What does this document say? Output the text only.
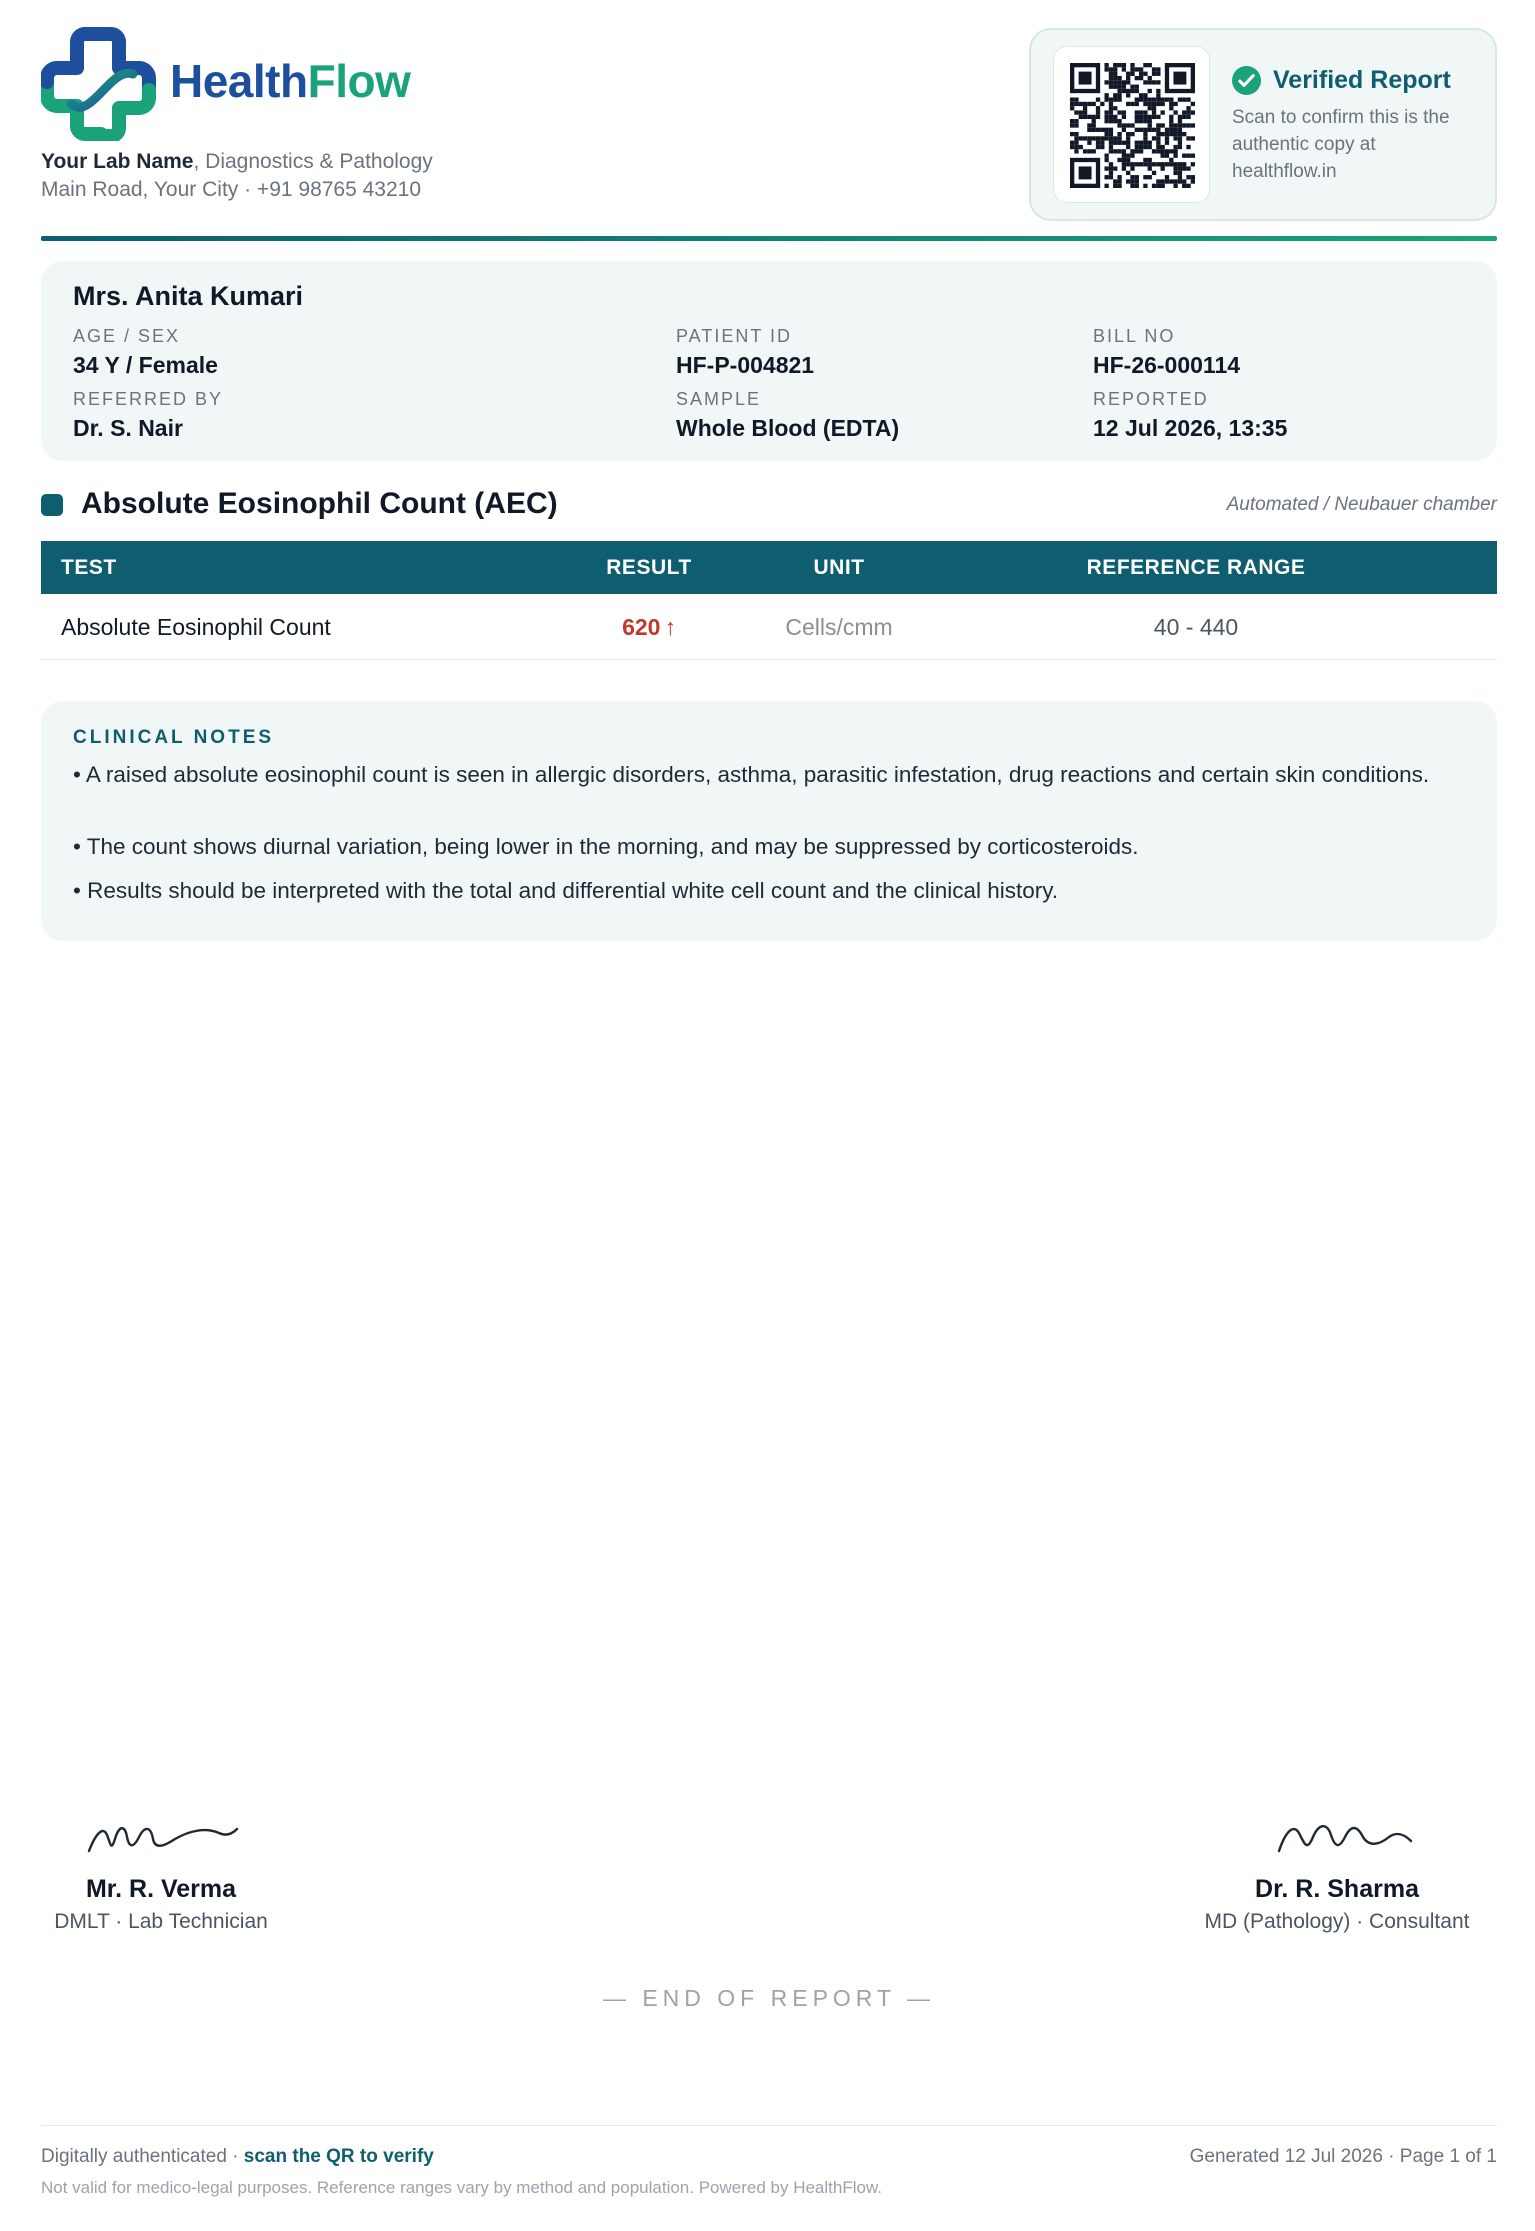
HealthFlow
Your Lab Name, Diagnostics & Pathology
Main Road, Your City · +91 98765 43210
Verified Report
Scan to confirm this is the authentic copy at healthflow.in
Mrs. Anita Kumari
AGE / SEX
34 Y / Female
PATIENT ID
HF-P-004821
BILL NO
HF-26-000114
REFERRED BY
Dr. S. Nair
SAMPLE
Whole Blood (EDTA)
REPORTED
12 Jul 2026, 13:35
Absolute Eosinophil Count (AEC)	Automated / Neubauer chamber
TEST	RESULT	UNIT	REFERENCE RANGE
Absolute Eosinophil Count	620 ↑	Cells/cmm	40 - 440
CLINICAL NOTES
• A raised absolute eosinophil count is seen in allergic disorders, asthma, parasitic infestation, drug reactions and certain skin conditions.
• The count shows diurnal variation, being lower in the morning, and may be suppressed by corticosteroids.
• Results should be interpreted with the total and differential white cell count and the clinical history.
Mr. R. Verma
DMLT · Lab Technician
Dr. R. Sharma
MD (Pathology) · Consultant
— END OF REPORT —
Digitally authenticated · scan the QR to verify	Generated 12 Jul 2026 · Page 1 of 1
Not valid for medico-legal purposes. Reference ranges vary by method and population. Powered by HealthFlow.
